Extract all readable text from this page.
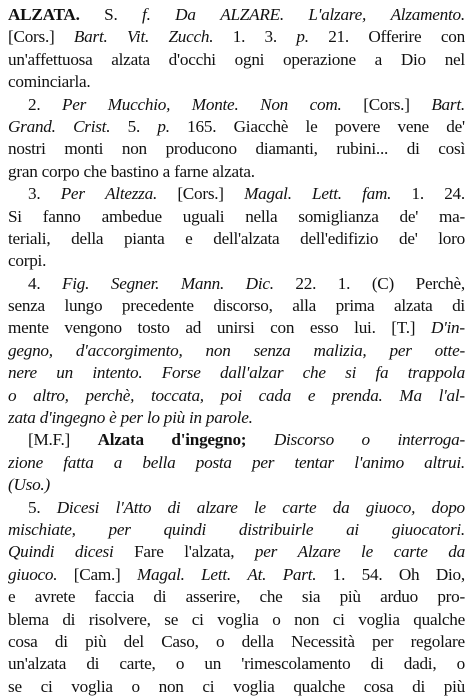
ALZATA. S. f. Da ALZARE. L'alzare, Alzamento.
[Cors.] Bart. Vit. Zucch. 1. 3. p. 21. Offerire con
un'affettuosa alzata d'occhi ogni operazione a Dio nel
cominciarla.
2. Per Mucchio, Monte. Non com. [Cors.] Bart.
Grand. Crist. 5. p. 165. Giacchè le povere vene de'
nostri monti non producono diamanti, rubini... di così
gran corpo che bastino a farne alzata.
3. Per Altezza. [Cors.] Magal. Lett. fam. 1. 24.
Si fanno ambedue uguali nella somiglianza de' ma-
teriali, della pianta e dell'alzata dell'edifizio de' loro
corpi.
4. Fig. Segner. Mann. Dic. 22. 1. (C) Perchè,
senza lungo precedente discorso, alla prima alzata di
mente vengono tosto ad unirsi con esso lui. [T.] D'in-
gegno, d'accorgimento, non senza malizia, per otte-
nere un intento. Forse dall'alzar che si fa trappola
o altro, perchè, toccata, poi cada e prenda. Ma l'al-
zata d'ingegno è per lo più in parole.
[M.F.] Alzata d'ingegno; Discorso o interroga-
zione fatta a bella posta per tentar l'animo altrui.
(Uso.)
5. Dicesi l'Atto di alzare le carte da giuoco, dopo
mischiate, per quindi distribuirle ai giuocatori.
Quindi dicesi Fare l'alzata, per Alzare le carte da
giuoco. [Cam.] Magal. Lett. At. Part. 1. 54. Oh Dio,
e avrete faccia di asserire, che sia più arduo pro-
blema di risolvere, se ci voglia o non ci voglia qualche
cosa di più del Caso, o della Necessità per regolare
un'alzata di carte, o un 'rimescolamento di dadi, o
se ci voglia o non ci voglia qualche cosa di più
